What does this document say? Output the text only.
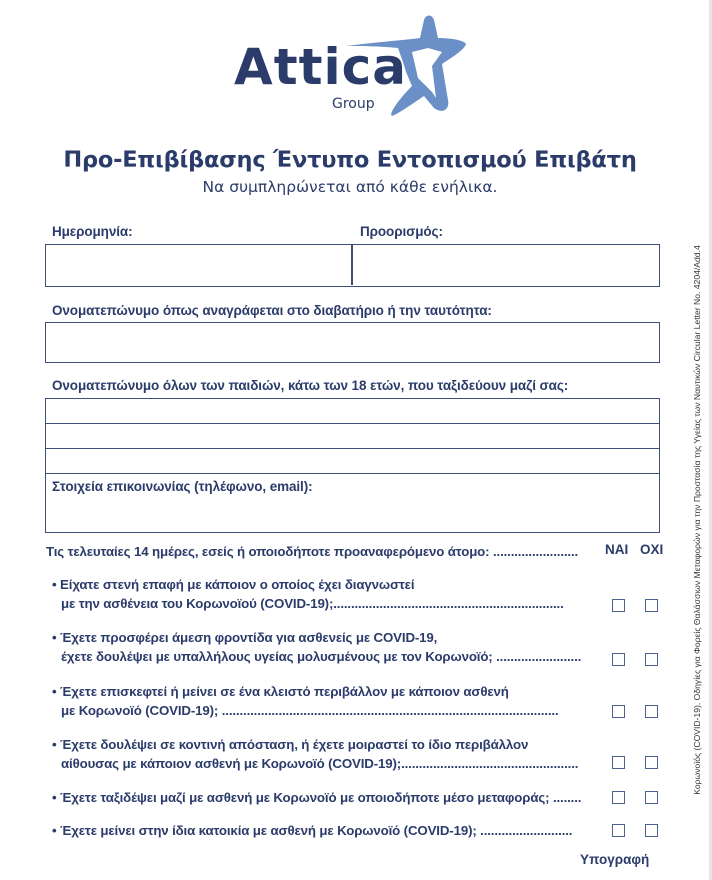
Attica
Group
Προ-Επιβίβασης Έντυπο Εντοπισμού Επιβάτη
Να συμπληρώνεται από κάθε ενήλικα.
Ημερομηνία:	Προορισμός:
Ονοματεπώνυμο όπως αναγράφεται στο διαβατήριο ή την ταυτότητα:
Ονοματεπώνυμο όλων των παιδιών, κάτω των 18 ετών, που ταξιδεύουν μαζί σας:
Στοιχεία επικοινωνίας (τηλέφωνο, email):
Τις τελευταίες 14 ημέρες, εσείς ή οποιοδήποτε προαναφερόμενο άτομο: ........................ ΝΑΙ ΟΧΙ
• Είχατε στενή επαφή με κάποιον ο οποίος έχει διαγνωστεί
με την ασθένεια του Κορωνοϊού (COVID-19);.................................................................
• Έχετε προσφέρει άμεση φροντίδα για ασθενείς με COVID-19,
έχετε δουλέψει με υπαλλήλους υγείας μολυσμένους με τον Κορωνοϊό; ........................
• Έχετε επισκεφτεί ή μείνει σε ένα κλειστό περιβάλλον με κάποιον ασθενή
με Κορωνοϊό (COVID-19); ...............................................................................................
• Έχετε δουλέψει σε κοντινή απόσταση, ή έχετε μοιραστεί το ίδιο περιβάλλον
αίθουσας με κάποιον ασθενή με Κορωνοϊό (COVID-19);..................................................
• Έχετε ταξιδέψει μαζί με ασθενή με Κορωνοϊό με οποιοδήποτε μέσο μεταφοράς; ........
• Έχετε μείνει στην ίδια κατοικία με ασθενή με Κορωνοϊό (COVID-19); ..........................
Υπογραφή
Κορωνοϊός (COVID-19). Οδηγίες για Φορείς Θαλάσσιων Μεταφορών για την Προστασία της Υγείας των Ναυτικών Circular Letter No. 4204/Add.4
